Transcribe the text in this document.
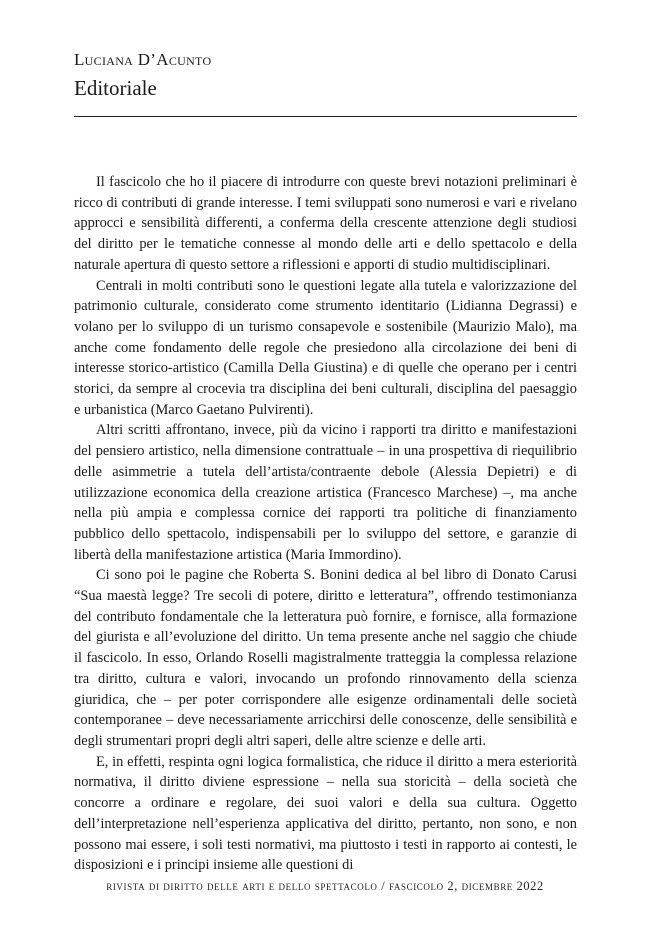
Luciana D’Acunto
Editoriale

Il fascicolo che ho il piacere di introdurre con queste brevi notazioni preliminari è ricco di contributi di grande interesse. I temi sviluppati sono numerosi e vari e rivelano approcci e sensibilità differenti, a conferma della crescente attenzione degli studiosi del diritto per le tematiche connesse al mondo delle arti e dello spettacolo e della naturale apertura di questo settore a riflessioni e apporti di studio multidisciplinari.

Centrali in molti contributi sono le questioni legate alla tutela e valorizzazione del patrimonio culturale, considerato come strumento identitario (Lidianna Degrassi) e volano per lo sviluppo di un turismo consapevole e sostenibile (Maurizio Malo), ma anche come fondamento delle regole che presiedono alla circolazione dei beni di interesse storico-artistico (Camilla Della Giustina) e di quelle che operano per i centri storici, da sempre al crocevia tra disciplina dei beni culturali, disciplina del paesaggio e urbanistica (Marco Gaetano Pulvirenti).

Altri scritti affrontano, invece, più da vicino i rapporti tra diritto e manifestazioni del pensiero artistico, nella dimensione contrattuale – in una prospettiva di riequilibrio delle asimmetrie a tutela dell’artista/contraente debole (Alessia Depietri) e di utilizzazione economica della creazione artistica (Francesco Marchese) –, ma anche nella più ampia e complessa cornice dei rapporti tra politiche di finanziamento pubblico dello spettacolo, indispensabili per lo sviluppo del settore, e garanzie di libertà della manifestazione artistica (Maria Immordino).

Ci sono poi le pagine che Roberta S. Bonini dedica al bel libro di Donato Carusi “Sua maestà legge? Tre secoli di potere, diritto e letteratura”, offrendo testimonianza del contributo fondamentale che la letteratura può fornire, e fornisce, alla formazione del giurista e all’evoluzione del diritto. Un tema presente anche nel saggio che chiude il fascicolo. In esso, Orlando Roselli magistralmente tratteggia la complessa relazione tra diritto, cultura e valori, invocando un profondo rinnovamento della scienza giuridica, che – per poter corrispondere alle esigenze ordinamentali delle società contemporanee – deve necessariamente arricchirsi delle conoscenze, delle sensibilità e degli strumentari propri degli altri saperi, delle altre scienze e delle arti.

E, in effetti, respinta ogni logica formalistica, che riduce il diritto a mera esteriorità normativa, il diritto diviene espressione – nella sua storicità – della società che concorre a ordinare e regolare, dei suoi valori e della sua cultura. Oggetto dell’interpretazione nell’esperienza applicativa del diritto, pertanto, non sono, e non possono mai essere, i soli testi normativi, ma piuttosto i testi in rapporto ai contesti, le disposizioni e i principi insieme alle questioni di

rivista di diritto delle arti e dello spettacolo / fascicolo 2, dicembre 2022
